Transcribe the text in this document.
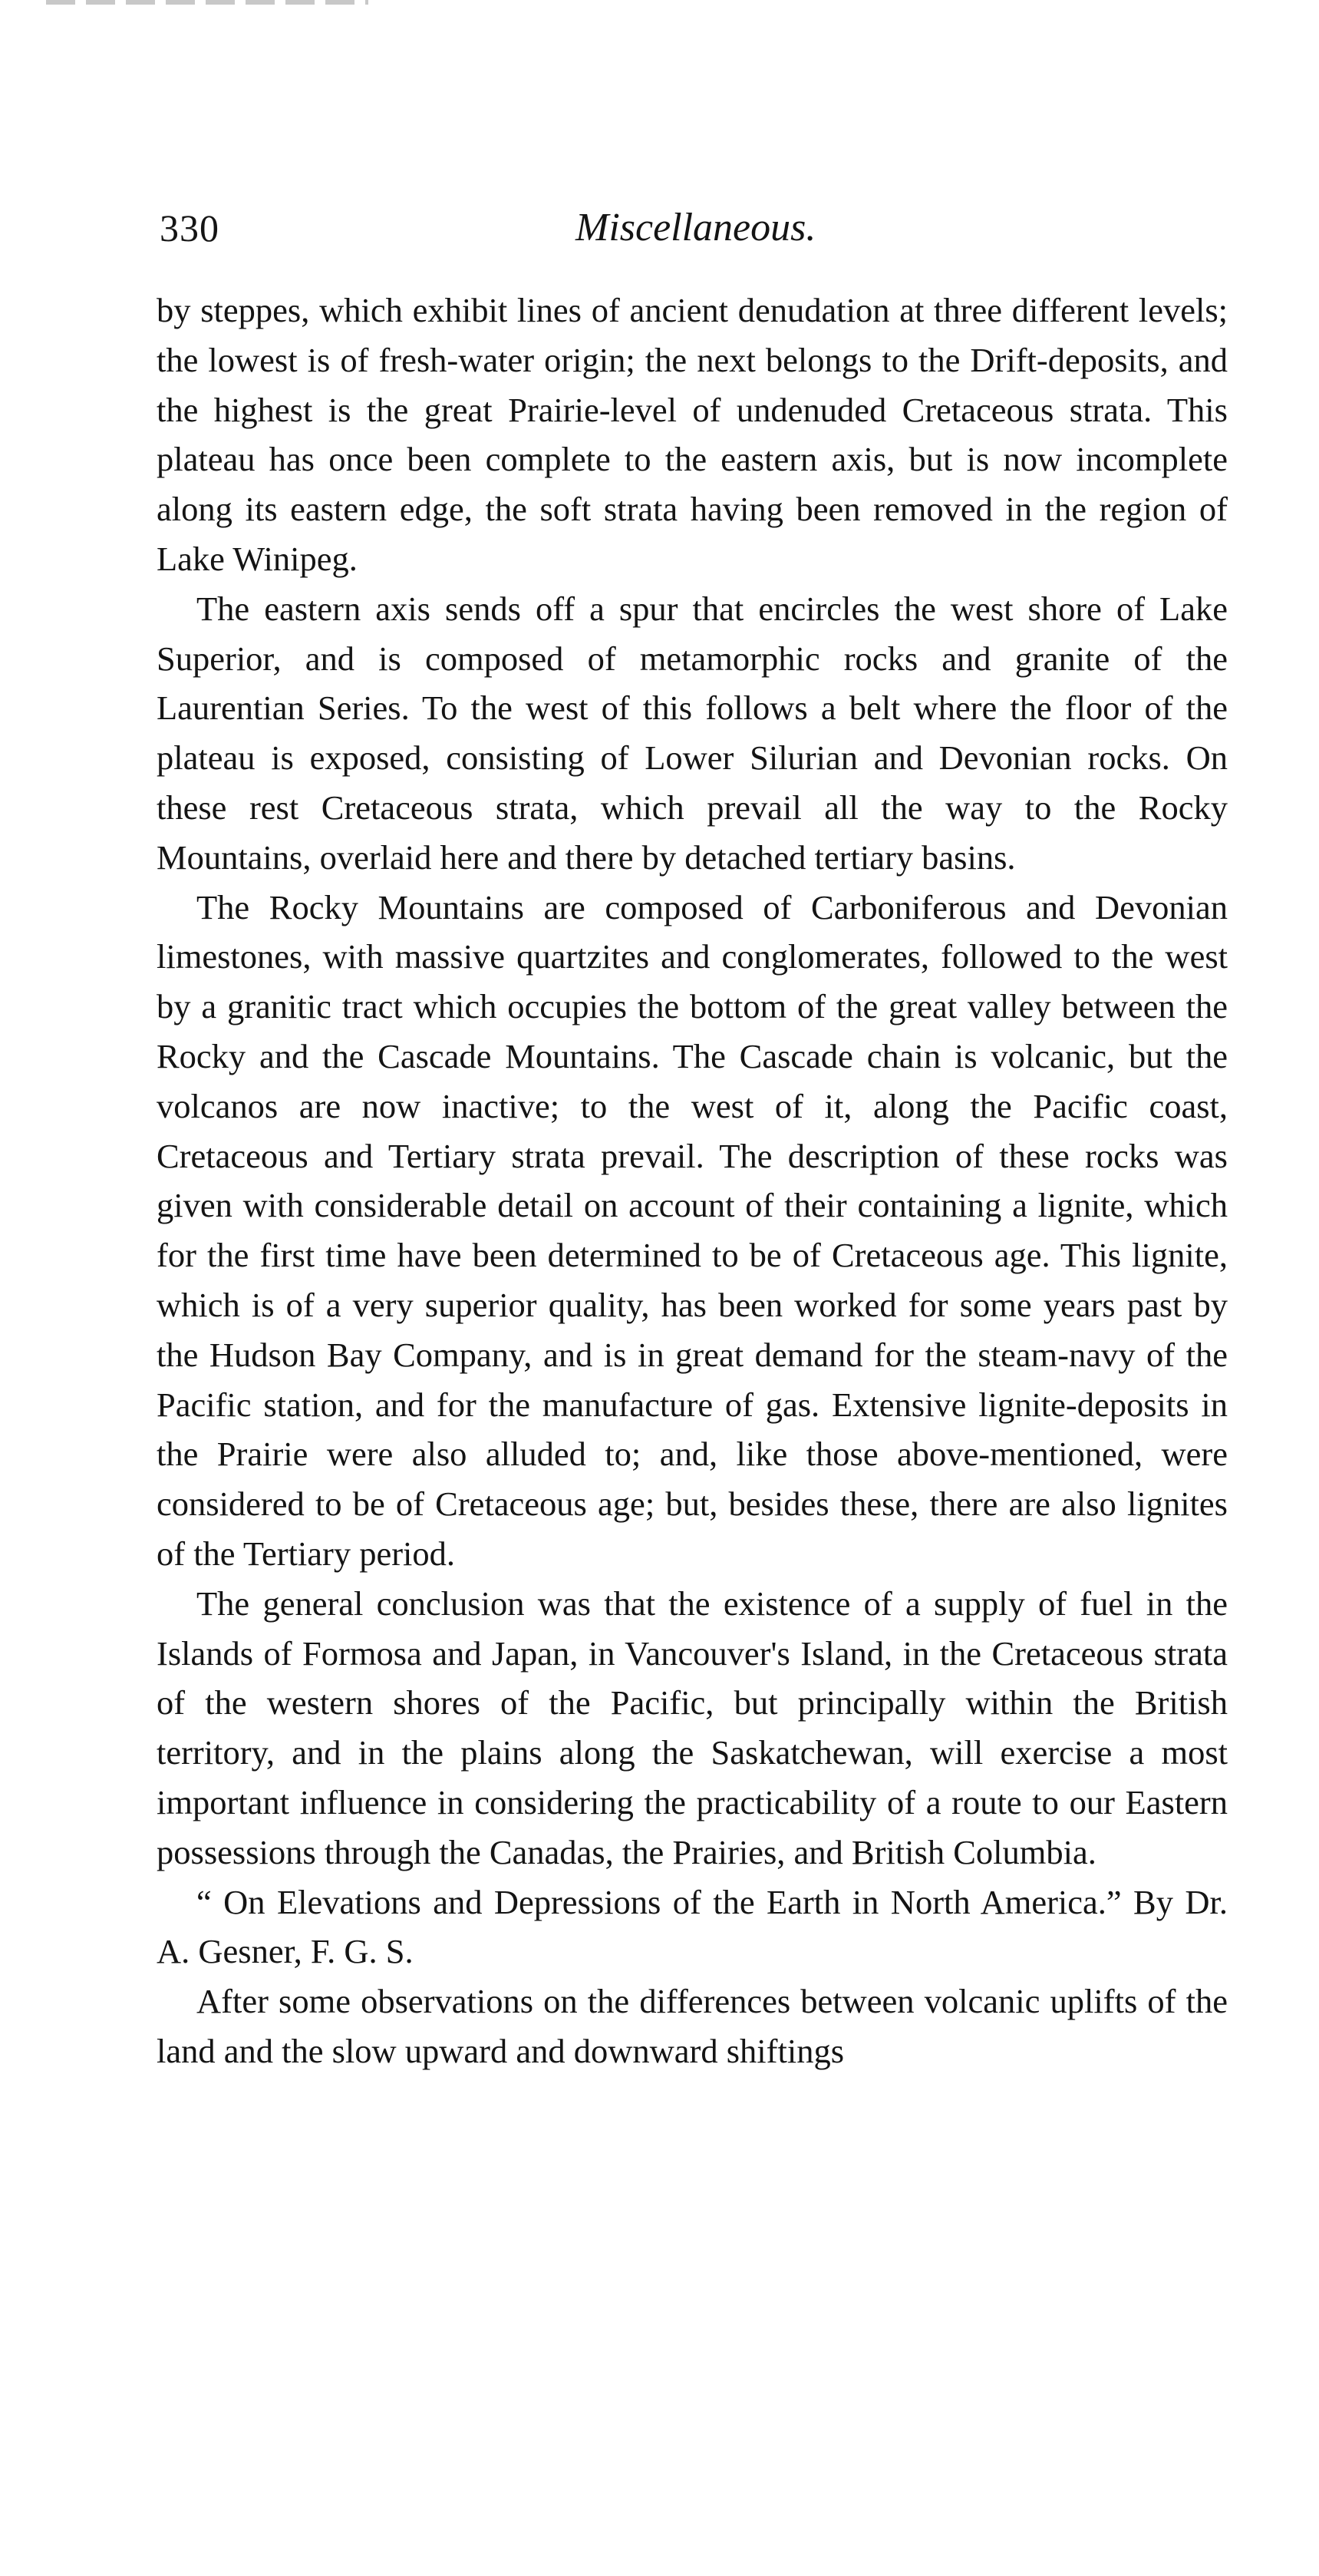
330	Miscellaneous.

by steppes, which exhibit lines of ancient denudation at three different levels; the lowest is of fresh-water origin; the next belongs to the Drift-deposits, and the highest is the great Prairie-level of undenuded Cretaceous strata. This plateau has once been complete to the eastern axis, but is now incomplete along its eastern edge, the soft strata having been removed in the region of Lake Winipeg.

The eastern axis sends off a spur that encircles the west shore of Lake Superior, and is composed of metamorphic rocks and granite of the Laurentian Series. To the west of this follows a belt where the floor of the plateau is exposed, consisting of Lower Silurian and Devonian rocks. On these rest Cretaceous strata, which prevail all the way to the Rocky Mountains, overlaid here and there by detached tertiary basins.

The Rocky Mountains are composed of Carboniferous and Devonian limestones, with massive quartzites and conglomerates, followed to the west by a granitic tract which occupies the bottom of the great valley between the Rocky and the Cascade Mountains. The Cascade chain is volcanic, but the volcanos are now inactive; to the west of it, along the Pacific coast, Cretaceous and Tertiary strata prevail. The description of these rocks was given with considerable detail on account of their containing a lignite, which for the first time have been determined to be of Cretaceous age. This lignite, which is of a very superior quality, has been worked for some years past by the Hudson Bay Company, and is in great demand for the steam-navy of the Pacific station, and for the manufacture of gas. Extensive lignite-deposits in the Prairie were also alluded to; and, like those above-mentioned, were considered to be of Cretaceous age; but, besides these, there are also lignites of the Tertiary period.

The general conclusion was that the existence of a supply of fuel in the Islands of Formosa and Japan, in Vancouver's Island, in the Cretaceous strata of the western shores of the Pacific, but principally within the British territory, and in the plains along the Saskatchewan, will exercise a most important influence in considering the practicability of a route to our Eastern possessions through the Canadas, the Prairies, and British Columbia.

“ On Elevations and Depressions of the Earth in North America.” By Dr. A. Gesner, F. G. S.

After some observations on the differences between volcanic uplifts of the land and the slow upward and downward shiftings
